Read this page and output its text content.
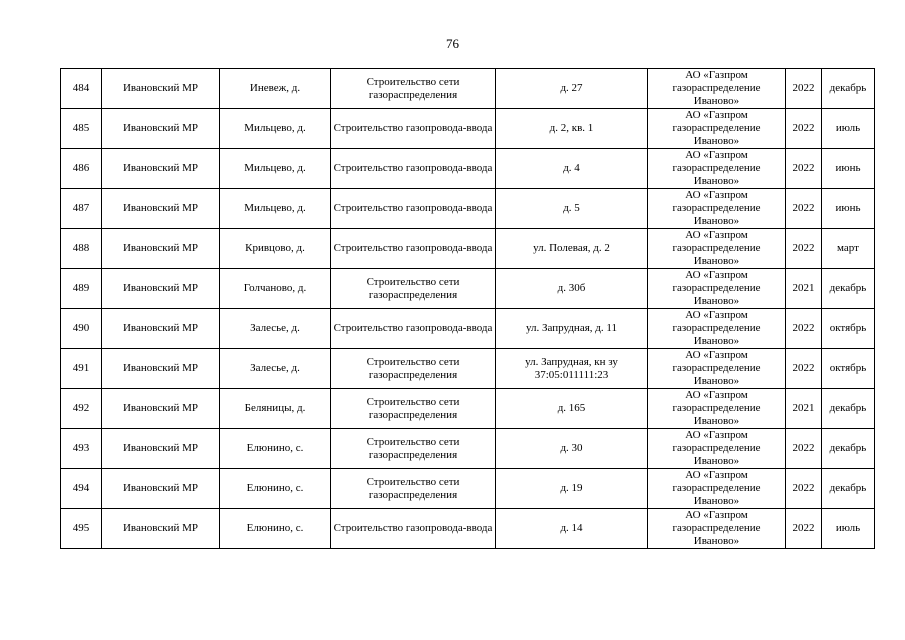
76
484	Ивановский МР	Иневеж, д.	Строительство сети газораспределения	д. 27	АО «Газпром газораспределение Иваново»	2022	декабрь
485	Ивановский МР	Мильцево, д.	Строительство газопровода-ввода	д. 2, кв. 1	АО «Газпром газораспределение Иваново»	2022	июль
486	Ивановский МР	Мильцево, д.	Строительство газопровода-ввода	д. 4	АО «Газпром газораспределение Иваново»	2022	июнь
487	Ивановский МР	Мильцево, д.	Строительство газопровода-ввода	д. 5	АО «Газпром газораспределение Иваново»	2022	июнь
488	Ивановский МР	Кривцово, д.	Строительство газопровода-ввода	ул. Полевая, д. 2	АО «Газпром газораспределение Иваново»	2022	март
489	Ивановский МР	Голчаново, д.	Строительство сети газораспределения	д. 30б	АО «Газпром газораспределение Иваново»	2021	декабрь
490	Ивановский МР	Залесье, д.	Строительство газопровода-ввода	ул. Запрудная, д. 11	АО «Газпром газораспределение Иваново»	2022	октябрь
491	Ивановский МР	Залесье, д.	Строительство сети газораспределения	ул. Запрудная, кн зу 37:05:011111:23	АО «Газпром газораспределение Иваново»	2022	октябрь
492	Ивановский МР	Беляницы, д.	Строительство сети газораспределения	д. 165	АО «Газпром газораспределение Иваново»	2021	декабрь
493	Ивановский МР	Елюнино, с.	Строительство сети газораспределения	д. 30	АО «Газпром газораспределение Иваново»	2022	декабрь
494	Ивановский МР	Елюнино, с.	Строительство сети газораспределения	д. 19	АО «Газпром газораспределение Иваново»	2022	декабрь
495	Ивановский МР	Елюнино, с.	Строительство газопровода-ввода	д. 14	АО «Газпром газораспределение Иваново»	2022	июль
